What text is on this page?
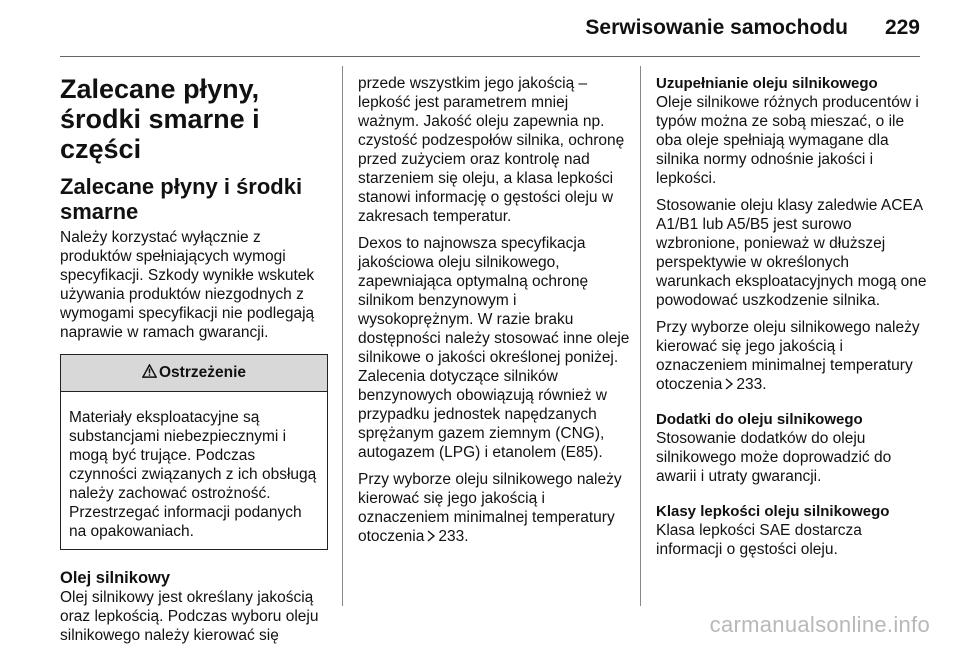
Serwisowanie samochodu 229
Zalecane płyny, środki smarne i części
Zalecane płyny i środki smarne

Należy korzystać wyłącznie z produktów spełniających wymogi specyfikacji. Szkody wynikłe wskutek używania produktów niezgodnych z wymogami specyfikacji nie podlegają naprawie w ramach gwarancji.

Ostrzeżenie
Materiały eksploatacyjne są substancjami niebezpiecznymi i mogą być trujące. Podczas czynności związanych z ich obsługą należy zachować ostrożność. Przestrzegać informacji podanych na opakowaniach.
Olej silnikowy

Olej silnikowy jest określany jakością oraz lepkością. Podczas wyboru oleju silnikowego należy kierować się

przede wszystkim jego jakością – lepkość jest parametrem mniej ważnym. Jakość oleju zapewnia np. czystość podzespołów silnika, ochronę przed zużyciem oraz kontrolę nad starzeniem się oleju, a klasa lepkości stanowi informację o gęstości oleju w zakresach temperatur.

Dexos to najnowsza specyfikacja jakościowa oleju silnikowego, zapewniająca optymalną ochronę silnikom benzynowym i wysokoprężnym. W razie braku dostępności należy stosować inne oleje silnikowe o jakości określonej poniżej. Zalecenia dotyczące silników benzynowych obowiązują również w przypadku jednostek napędzanych sprężanym gazem ziemnym (CNG), autogazem (LPG) i etanolem (E85).

Przy wyborze oleju silnikowego należy kierować się jego jakością i oznaczeniem minimalnej temperatury otoczenia 233.

Uzupełnianie oleju silnikowego

Oleje silnikowe różnych producentów i typów można ze sobą mieszać, o ile oba oleje spełniają wymagane dla silnika normy odnośnie jakości i lepkości.

Stosowanie oleju klasy zaledwie ACEA A1/B1 lub A5/B5 jest surowo wzbronione, ponieważ w dłuższej perspektywie w określonych warunkach eksploatacyjnych mogą one powodować uszkodzenie silnika.

Przy wyborze oleju silnikowego należy kierować się jego jakością i oznaczeniem minimalnej temperatury otoczenia 233.

Dodatki do oleju silnikowego

Stosowanie dodatków do oleju silnikowego może doprowadzić do awarii i utraty gwarancji.

Klasy lepkości oleju silnikowego

Klasa lepkości SAE dostarcza informacji o gęstości oleju.

carmanualsonline.info
